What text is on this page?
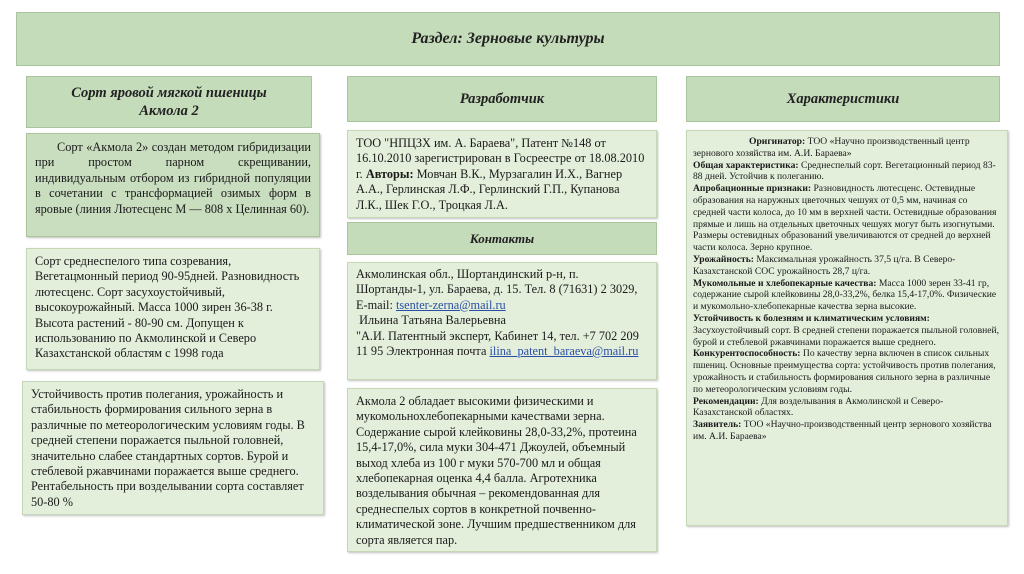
Раздел: Зерновые культуры
Сорт яровой мягкой пшеницы
Акмола 2

Сорт «Акмола 2» создан методом гибридизации при простом парном скрещивании, индивидуальным отбором из гибридной популяции в сочетании с трансформацией озимых форм в яровые (линия Лютесценс М — 808 х Целинная 60).

Сорт среднеспелого типа созревания, Вегетацмонный период 90-95дней. Разновидность лютесценс. Сорт засухоустойчивый, высокоурожайный. Масса 1000 зирен 36-38 г. Высота растений - 80-90 см. Допущен к использованию по Акмолинской и Северо Казахстанской областям с 1998 года

Устойчивость против полегания, урожайность и стабильность формирования сильного зерна в различные по метеорологическим условиям годы. В средней степени поражается пыльной головней, значительно слабее стандартных сортов. Бурой и стеблевой ржавчинами поражается выше среднего. Рентабельность при возделывании сорта составляет 50-80 %

Разработчик

ТОО "НПЦЗХ им. А. Бараева", Патент №148 от 16.10.2010 зарегистрирован в Госреестре от 18.08.2010 г. Авторы: Мовчан В.К., Мурзагалин И.Х., Вагнер А.А., Герлинская Л.Ф., Герлинский Г.П., Купанова Л.К., Шек Г.О., Троцкая Л.А.

Контакты

Акмолинская обл., Шортандинский р-н, п. Шортанды-1, ул. Бараева, д. 15. Тел. 8 (71631) 2 3029, E-mail: tsenter-zerna@mail.ru
Ильина Татьяна Валерьевна
"А.И. Патентный эксперт, Кабинет 14, тел. +7 702 209 11 95 Электронная почта ilina_patent_baraeva@mail.ru

Акмола 2 обладает высокими физическими и мукомольнохлебопекарными качествами зерна. Содержание сырой клейковины 28,0-33,2%, протеина 15,4-17,0%, сила муки 304-471 Джоулей, объемный выход хлеба из 100 г муки 570-700 мл и общая хлебопекарная оценка 4,4 балла. Агротехника возделывания обычная – рекомендованная для среднеспелых сортов в конкретной почвенно-климатической зоне. Лучшим предшественником для сорта является пар.

Характеристики

Оригинатор: ТОО «Научно производственный центр зернового хозяйства им. А.И. Бараева»

Общая характеристика: Среднеспелый сорт. Вегетационный период 83-88 дней. Устойчив к полеганию.

Апробационные признаки: Разновидность лютесценс. Остевидные образования на наружных цветочных чешуях от 0,5 мм, начиная со средней части колоса, до 10 мм в верхней части. Остевидные образования прямые и лишь на отдельных цветочных чешуях могут быть изогнутыми. Размеры остевидных образований увеличиваются от средней до верхней части колоса. Зерно крупное.

Урожайность: Максимальная урожайность 37,5 ц/га. В Северо-Казахстанской СОС урожайность 28,7 ц/га.

Мукомольные и хлебопекарные качества: Масса 1000 зерен 33-41 гр, содержание сырой клейковины 28,0-33,2%, белка 15,4-17,0%. Физические и мукомольно-хлебопекарные качества зерна высокие.

Устойчивость к болезням и климатическим условиям: Засухоустойчивый сорт. В средней степени поражается пыльной головней, бурой и стеблевой ржавчинами поражается выше среднего.

Конкурентоспособность: По качеству зерна включен в список сильных пшениц. Основные преимущества сорта: устойчивость против полегания, урожайность и стабильность формирования сильного зерна в различные по метеорологическим условиям годы.

Рекомендации: Для возделывания в Акмолинской и Северо-Казахстанской областях.

Заявитель: ТОО «Научно-производственный центр зернового хозяйства им. А.И. Бараева»
